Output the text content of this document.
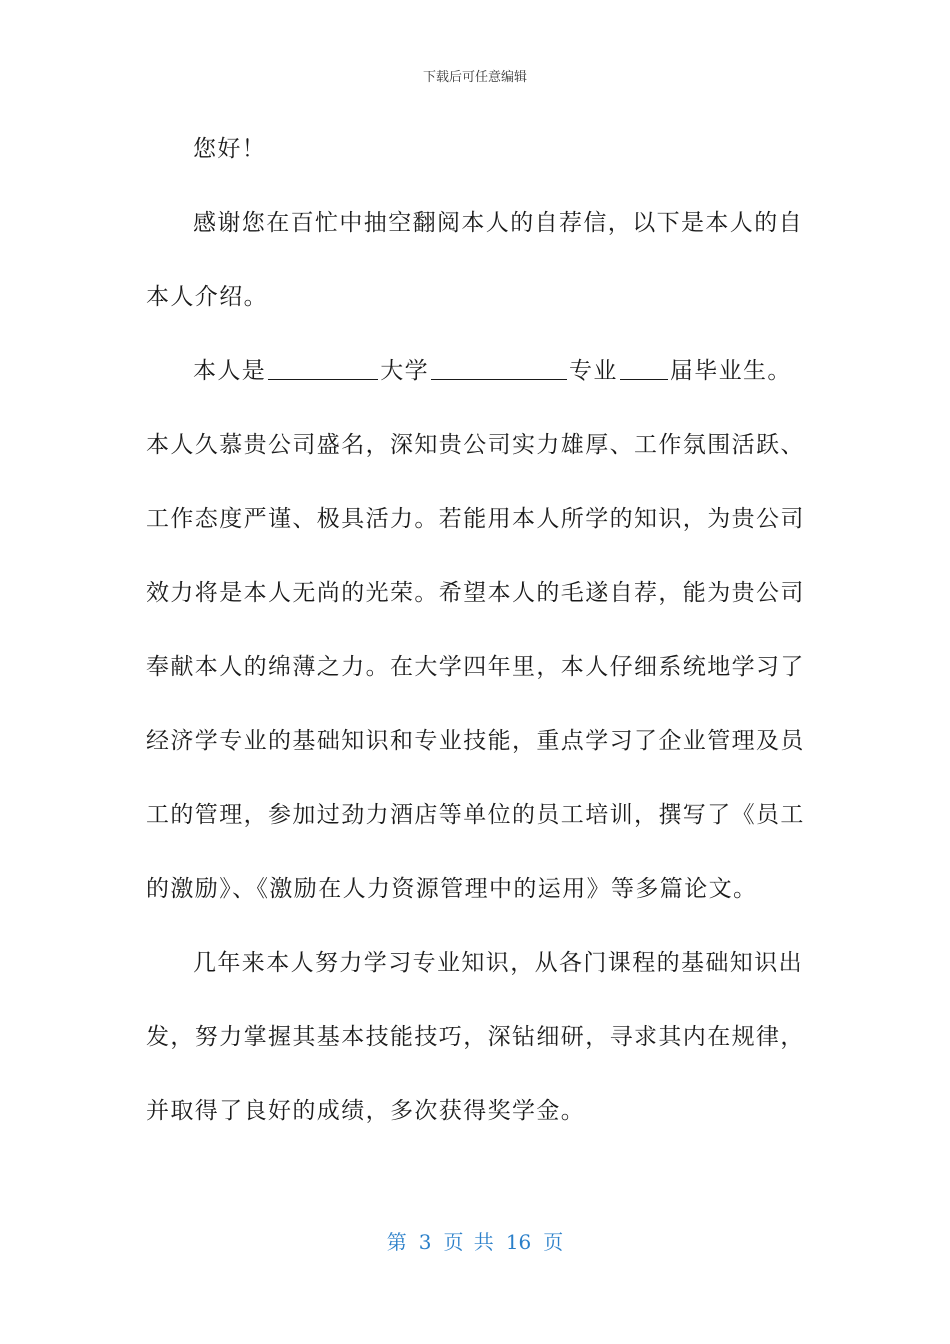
下载后可任意编辑
您好！
感谢您在百忙中抽空翻阅本人的自荐信，以下是本人的自
本人介绍。
本人是	大学	专业 届毕业生。
本人久慕贵公司盛名，深知贵公司实力雄厚、工作氛围活跃、
工作态度严谨、极具活力。若能用本人所学的知识，为贵公司
效力将是本人无尚的光荣。希望本人的毛遂自荐，能为贵公司
奉献本人的绵薄之力。在大学四年里，本人仔细系统地学习了
经济学专业的基础知识和专业技能，重点学习了企业管理及员
工的管理，参加过劲力酒店等单位的员工培训，撰写了《员工
的激励》、《激励在人力资源管理中的运用》等多篇论文。
几年来本人努力学习专业知识，从各门课程的基础知识出
发，努力掌握其基本技能技巧，深钻细研，寻求其内在规律，
并取得了良好的成绩，多次获得奖学金。
第 3 页 共 16 页
